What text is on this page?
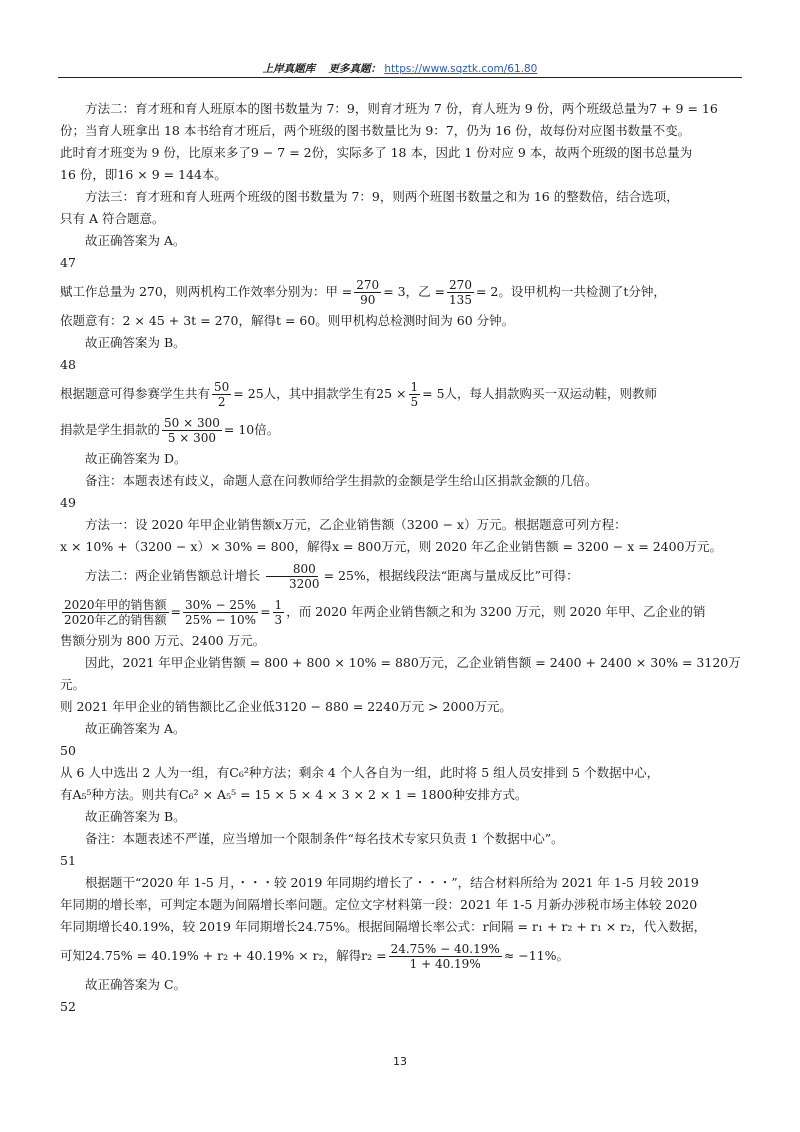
上岸真题库 更多真题： https://www.sqztk.com/61.80

方法二：育才班和育人班原本的图书数量为 7：9，则育才班为 7 份，育人班为 9 份，两个班级总量为7 + 9 = 16

份；当育人班拿出 18 本书给育才班后，两个班级的图书数量比为 9：7，仍为 16 份，故每份对应图书数量不变。

此时育才班变为 9 份，比原来多了9 − 7 = 2份，实际多了 18 本，因此 1 份对应 9 本，故两个班级的图书总量为

16 份，即16 × 9 = 144本。

方法三：育才班和育人班两个班级的图书数量为 7：9，则两个班图书数量之和为 16 的整数倍，结合选项，

只有 A 符合题意。

故正确答案为 A。

47

赋工作总量为 270，则两机构工作效率分别为：甲 = $\frac{270}{90} = 3$，乙 = $\frac{270}{135} = 2$。设甲机构一共检测了t分钟，

依题意有：2 × 45 + 3t = 270，解得t = 60。则甲机构总检测时间为 60 分钟。

故正确答案为 B。

48

根据题意可得参赛学生共有 $\frac{50}{2} = 25$人，其中捐款学生有$25 \times \frac{1}{5} = 5$人，每人捐款购买一双运动鞋，则教师

捐款是学生捐款的 $\frac{50 \times 300}{5 \times 300} = 10$倍。

故正确答案为 D。

备注：本题表述有歧义，命题人意在问教师给学生捐款的金额是学生给山区捐款金额的几倍。

49

方法一：设 2020 年甲企业销售额x万元，乙企业销售额（3200 − x）万元。根据题意可列方程：

x × 10% +（3200 − x）× 30% = 800，解得x = 800万元，则 2020 年乙企业销售额 = 3200 − x = 2400万元。

方法二：两企业销售额总计增长 $\frac{800}{3200} = 25\%$，根据线段法“距离与量成反比”可得：

$\frac{\text{2020年甲的销售额}}{\text{2020年乙的销售额}} = \frac{30\% - 25\%}{25\% - 10\%} = \frac{1}{3}$ ，而 2020 年两企业销售额之和为 3200 万元，则 2020 年甲、乙企业的销

售额分别为 800 万元、2400 万元。

因此，2021 年甲企业销售额 = 800 + 800 × 10% = 880万元，乙企业销售额 = 2400 + 2400 × 30% = 3120万元。

则 2021 年甲企业的销售额比乙企业低3120 − 880 = 2240万元 > 2000万元。

故正确答案为 A。

50

从 6 人中选出 2 人为一组，有C₆²种方法；剩余 4 个人各自为一组，此时将 5 组人员安排到 5 个数据中心，

有A₅⁵种方法。则共有C₆² × A₅⁵ = 15 × 5 × 4 × 3 × 2 × 1 = 1800种安排方式。

故正确答案为 B。

备注：本题表述不严谨，应当增加一个限制条件“每名技术专家只负责 1 个数据中心”。

51

根据题干“2020 年 1-5 月，・・・较 2019 年同期约增长了・・・”，结合材料所给为 2021 年 1-5 月较 2019

年同期的增长率，可判定本题为间隔增长率问题。定位文字材料第一段：2021 年 1-5 月新办涉税市场主体较 2020

年同期增长40.19%，较 2019 年同期增长24.75%。根据间隔增长率公式：r间隔 = r₁ + r₂ + r₁ × r₂，代入数据，

可知24.75% = 40.19% + r₂ + 40.19% × r₂，解得$r_2 = \frac{24.75\% - 40.19\%}{1 + 40.19\%} \approx -11\%$。

故正确答案为 C。

52

13
